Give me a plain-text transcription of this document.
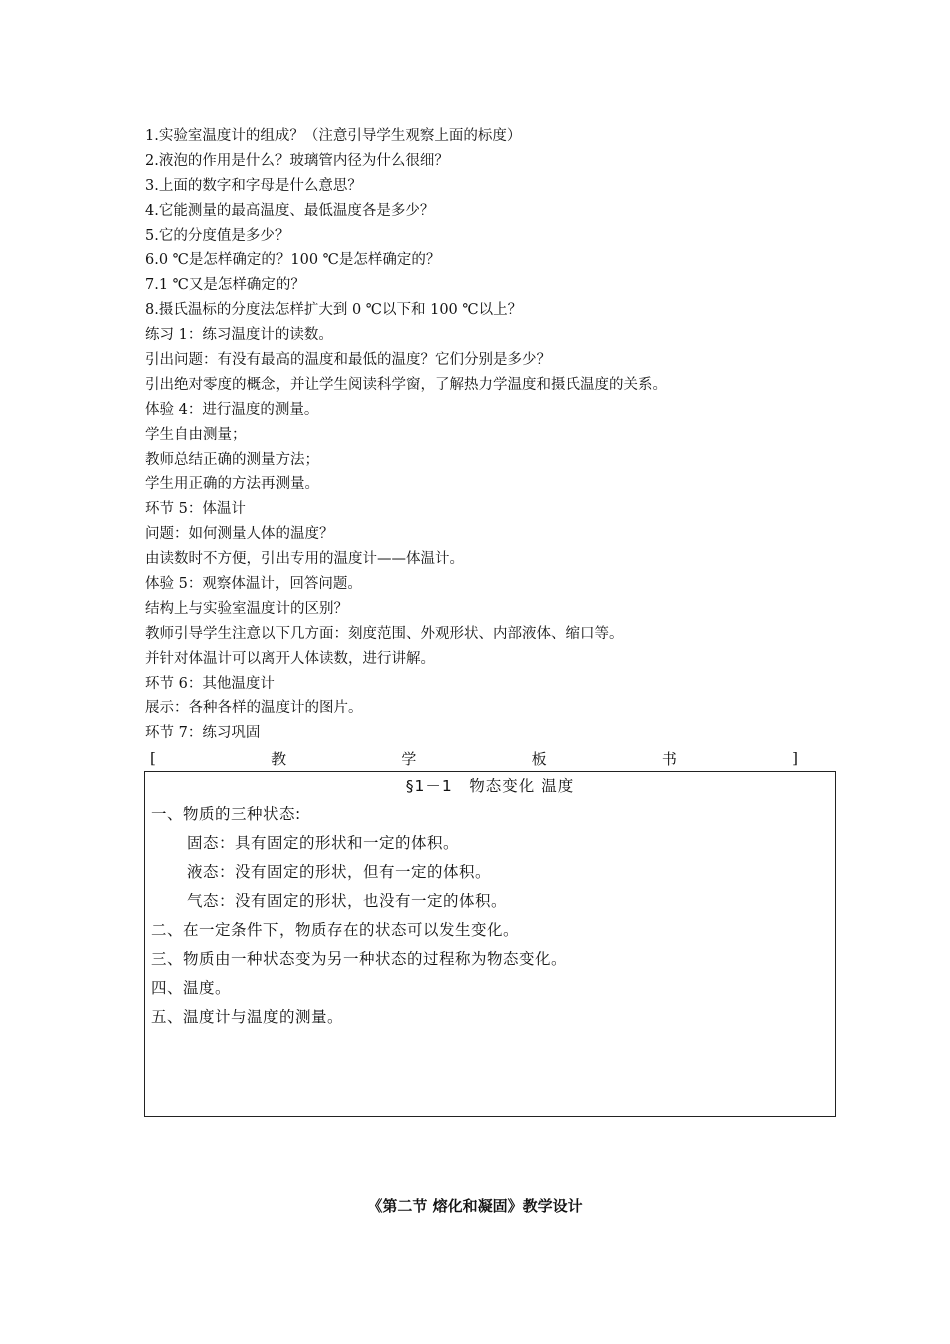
1.实验室温度计的组成？（注意引导学生观察上面的标度）
2.液泡的作用是什么？玻璃管内径为什么很细？
3.上面的数字和字母是什么意思？
4.它能测量的最高温度、最低温度各是多少？
5.它的分度值是多少？
6.0 ℃是怎样确定的？100 ℃是怎样确定的？
7.1 ℃又是怎样确定的？
8.摄氏温标的分度法怎样扩大到 0 ℃以下和 100 ℃以上？
练习 1：练习温度计的读数。
引出问题：有没有最高的温度和最低的温度？它们分别是多少？
引出绝对零度的概念，并让学生阅读科学窗，了解热力学温度和摄氏温度的关系。
体验 4：进行温度的测量。
学生自由测量；
教师总结正确的测量方法；
学生用正确的方法再测量。
环节 5：体温计
问题：如何测量人体的温度？
由读数时不方便，引出专用的温度计——体温计。
体验 5：观察体温计，回答问题。
结构上与实验室温度计的区别？
教师引导学生注意以下几方面：刻度范围、外观形状、内部液体、缩口等。
并针对体温计可以离开人体读数，进行讲解。
环节 6：其他温度计
展示：各种各样的温度计的图片。
环节 7：练习巩固
[	教	学	板	书	]
§1－1　物态变化 温度
一、物质的三种状态:
固态：具有固定的形状和一定的体积。
液态：没有固定的形状，但有一定的体积。
气态：没有固定的形状，也没有一定的体积。
二、在一定条件下，物质存在的状态可以发生变化。
三、物质由一种状态变为另一种状态的过程称为物态变化。
四、温度。
五、温度计与温度的测量。
《第二节 熔化和凝固》教学设计
